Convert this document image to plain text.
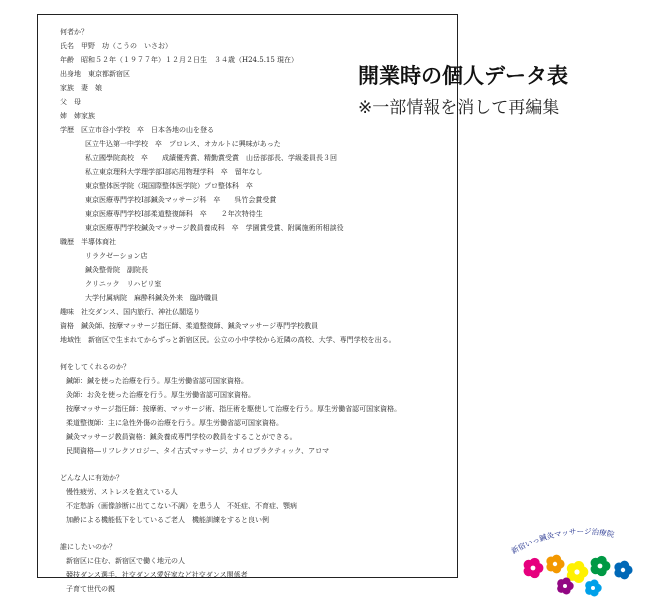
何者か？
氏名　甲野　功（こうの　いさお）
年齢　昭和５２年（１９７７年）１２月２日生　３４歳（H24.5.15 現在）
出身地　東京都新宿区
家族　妻　娘
父　母
姉　姉家族
学歴　区立市谷小学校　卒　日本各地の山を登る
区立牛込第一中学校　卒　プロレス、オカルトに興味があった
私立國學院高校　卒　　成績優秀賞、精勤賞受賞　山岳部部長、学級委員長３回
私立東京理科大学理学部Ⅰ部応用物理学科　卒　留年なし
東京整体医学院（現国際整体医学院）プロ整体科　卒
東京医療専門学校Ⅰ部鍼灸マッサージ科　卒　　呉竹会賞受賞
東京医療専門学校Ⅰ部柔道整復師科　卒　　２年次特待生
東京医療専門学校鍼灸マッサージ教員養成科　卒　学園賞受賞、附属施術所相談役
職歴　半導体商社
リラクゼーション店
鍼灸整骨院　副院長
クリニック　リハビリ室
大学付属病院　麻酔科鍼灸外来　臨時職員
趣味　社交ダンス、国内旅行、神社仏閣巡り
資格　鍼灸師、按摩マッサージ指圧師、柔道整復師、鍼灸マッサージ専門学校教員
地域性　新宿区で生まれてからずっと新宿区民。公立の小中学校から近隣の高校、大学、専門学校を出る。
何をしてくれるのか？
鍼師：鍼を使った治療を行う。厚生労働省認可国家資格。
灸師：お灸を使った治療を行う。厚生労働省認可国家資格。
按摩マッサージ指圧師：按摩術、マッサージ術、指圧術を駆使して治療を行う。厚生労働省認可国家資格。
柔道整復師：主に急性外傷の治療を行う。厚生労働省認可国家資格。
鍼灸マッサージ教員資格：鍼灸養成専門学校の教員をすることができる。
民間資格―リフレクソロジー、タイ古式マッサージ、カイロプラクティック、アロマ
どんな人に有効か？
慢性疲労、ストレスを抱えている人
不定愁訴（画像診断に出てこない不調）を患う人　不妊症、不育症、顎病
加齢による機能低下をしているご老人　機能訓練をすると良い例
誰にしたいのか？
新宿区に住む、新宿区で働く地元の人
競技ダンス選手、社交ダンス愛好家など社交ダンス関係者
子育て世代の親
開業時の個人データ表
※一部情報を消して再編集
新宿いっ鍼灸マッサージ治療院
